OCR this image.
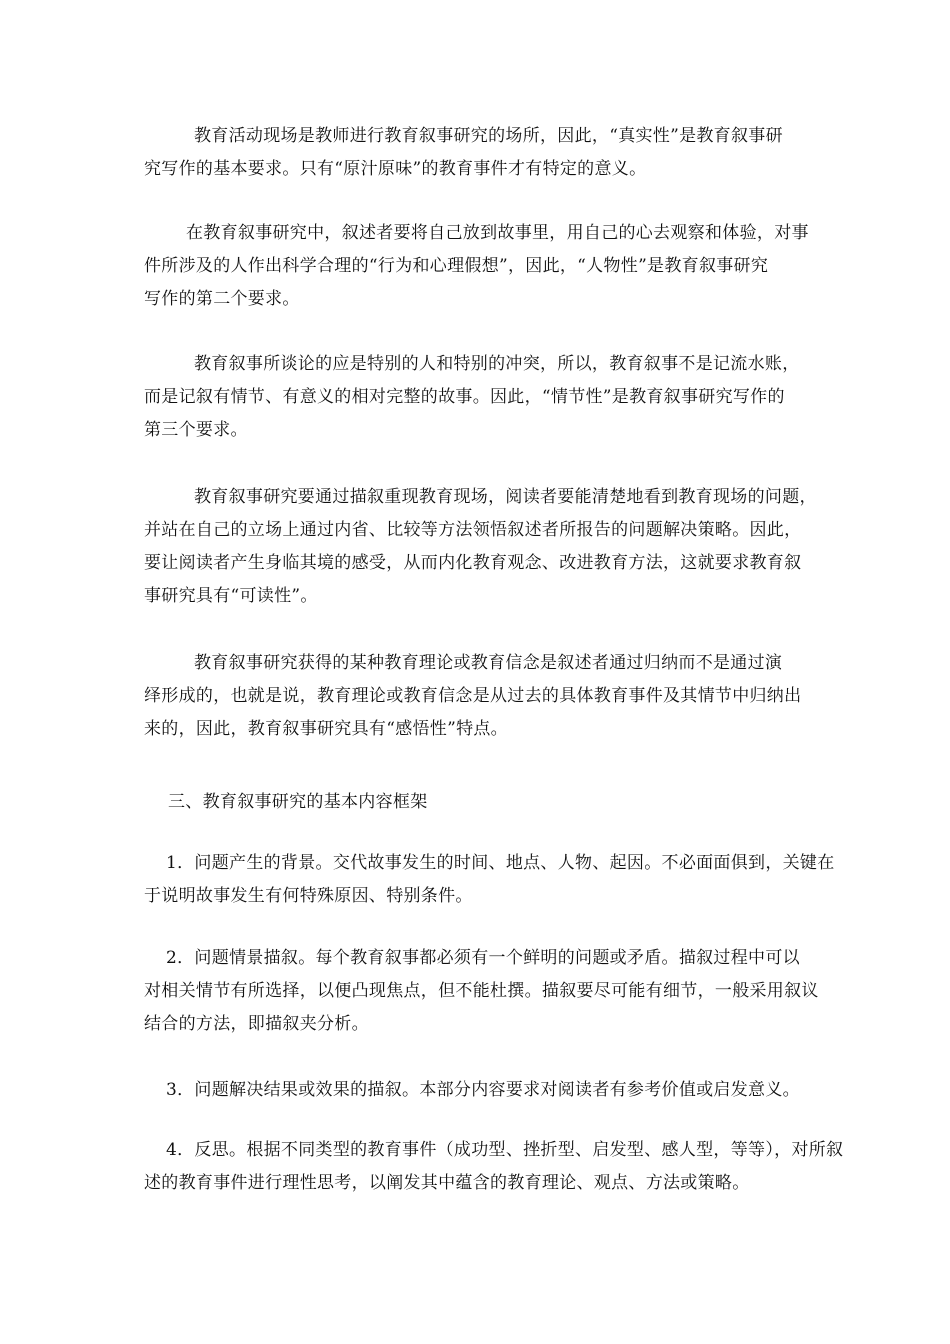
教育活动现场是教师进行教育叙事研究的场所，因此，“真实性”是教育叙事研
究写作的基本要求。只有“原汁原味”的教育事件才有特定的意义。
在教育叙事研究中，叙述者要将自己放到故事里，用自己的心去观察和体验，对事
件所涉及的人作出科学合理的“行为和心理假想”，因此，“人物性”是教育叙事研究
写作的第二个要求。
教育叙事所谈论的应是特别的人和特别的冲突，所以，教育叙事不是记流水账，
而是记叙有情节、有意义的相对完整的故事。因此，“情节性”是教育叙事研究写作的
第三个要求。
教育叙事研究要通过描叙重现教育现场，阅读者要能清楚地看到教育现场的问题，
并站在自己的立场上通过内省、比较等方法领悟叙述者所报告的问题解决策略。因此，
要让阅读者产生身临其境的感受，从而内化教育观念、改进教育方法，这就要求教育叙
事研究具有“可读性”。
教育叙事研究获得的某种教育理论或教育信念是叙述者通过归纳而不是通过演
绎形成的，也就是说，教育理论或教育信念是从过去的具体教育事件及其情节中归纳出
来的，因此，教育叙事研究具有“感悟性”特点。
三、教育叙事研究的基本内容框架
1．问题产生的背景。交代故事发生的时间、地点、人物、起因。不必面面俱到，关键在
于说明故事发生有何特殊原因、特别条件。
2．问题情景描叙。每个教育叙事都必须有一个鲜明的问题或矛盾。描叙过程中可以
对相关情节有所选择，以便凸现焦点，但不能杜撰。描叙要尽可能有细节，一般采用叙议
结合的方法，即描叙夹分析。
3．问题解决结果或效果的描叙。本部分内容要求对阅读者有参考价值或启发意义。
4．反思。根据不同类型的教育事件（成功型、挫折型、启发型、感人型，等等），对所叙
述的教育事件进行理性思考，以阐发其中蕴含的教育理论、观点、方法或策略。
